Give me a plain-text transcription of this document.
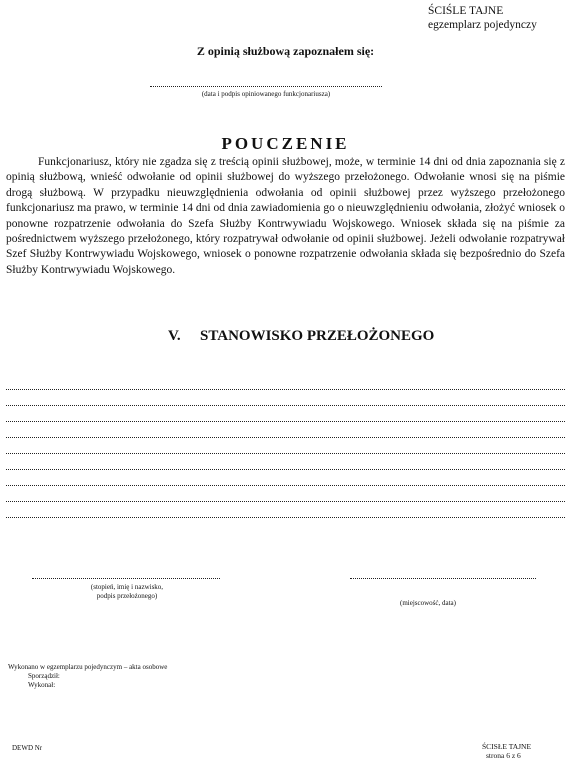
ŚCIŚLE TAJNE
egzemplarz pojedynczy
Z opinią służbową zapoznałem się:
(data i podpis opiniowanego funkcjonariusza)
POUCZENIE

Funkcjonariusz, który nie zgadza się z treścią opinii służbowej, może, w terminie 14 dni od dnia zapoznania się z opinią służbową, wnieść odwołanie od opinii służbowej do wyższego przełożonego. Odwołanie wnosi się na piśmie drogą służbową. W przypadku nieuwzględnienia odwołania od opinii służbowej przez wyższego przełożonego funkcjonariusz ma prawo, w terminie 14 dni od dnia zawiadomienia go o nieuwzględnieniu odwołania, złożyć wniosek o ponowne rozpatrzenie odwołania do Szefa Służby Kontrwywiadu Wojskowego. Wniosek składa się na piśmie za pośrednictwem wyższego przełożonego, który rozpatrywał odwołanie od opinii służbowej. Jeżeli odwołanie rozpatrywał Szef Służby Kontrwywiadu Wojskowego, wniosek o ponowne rozpatrzenie odwołania składa się bezpośrednio do Szefa Służby Kontrwywiadu Wojskowego.

V. STANOWISKO PRZEŁOŻONEGO
(stopień, imię i nazwisko,
podpis przełożonego)
(miejscowość, data)
Wykonano w egzemplarzu pojedynczym – akta osobowe
Sporządził:
Wykonał:
DEWD Nr	ŚCISŁE TAJNE
strona 6 z 6
